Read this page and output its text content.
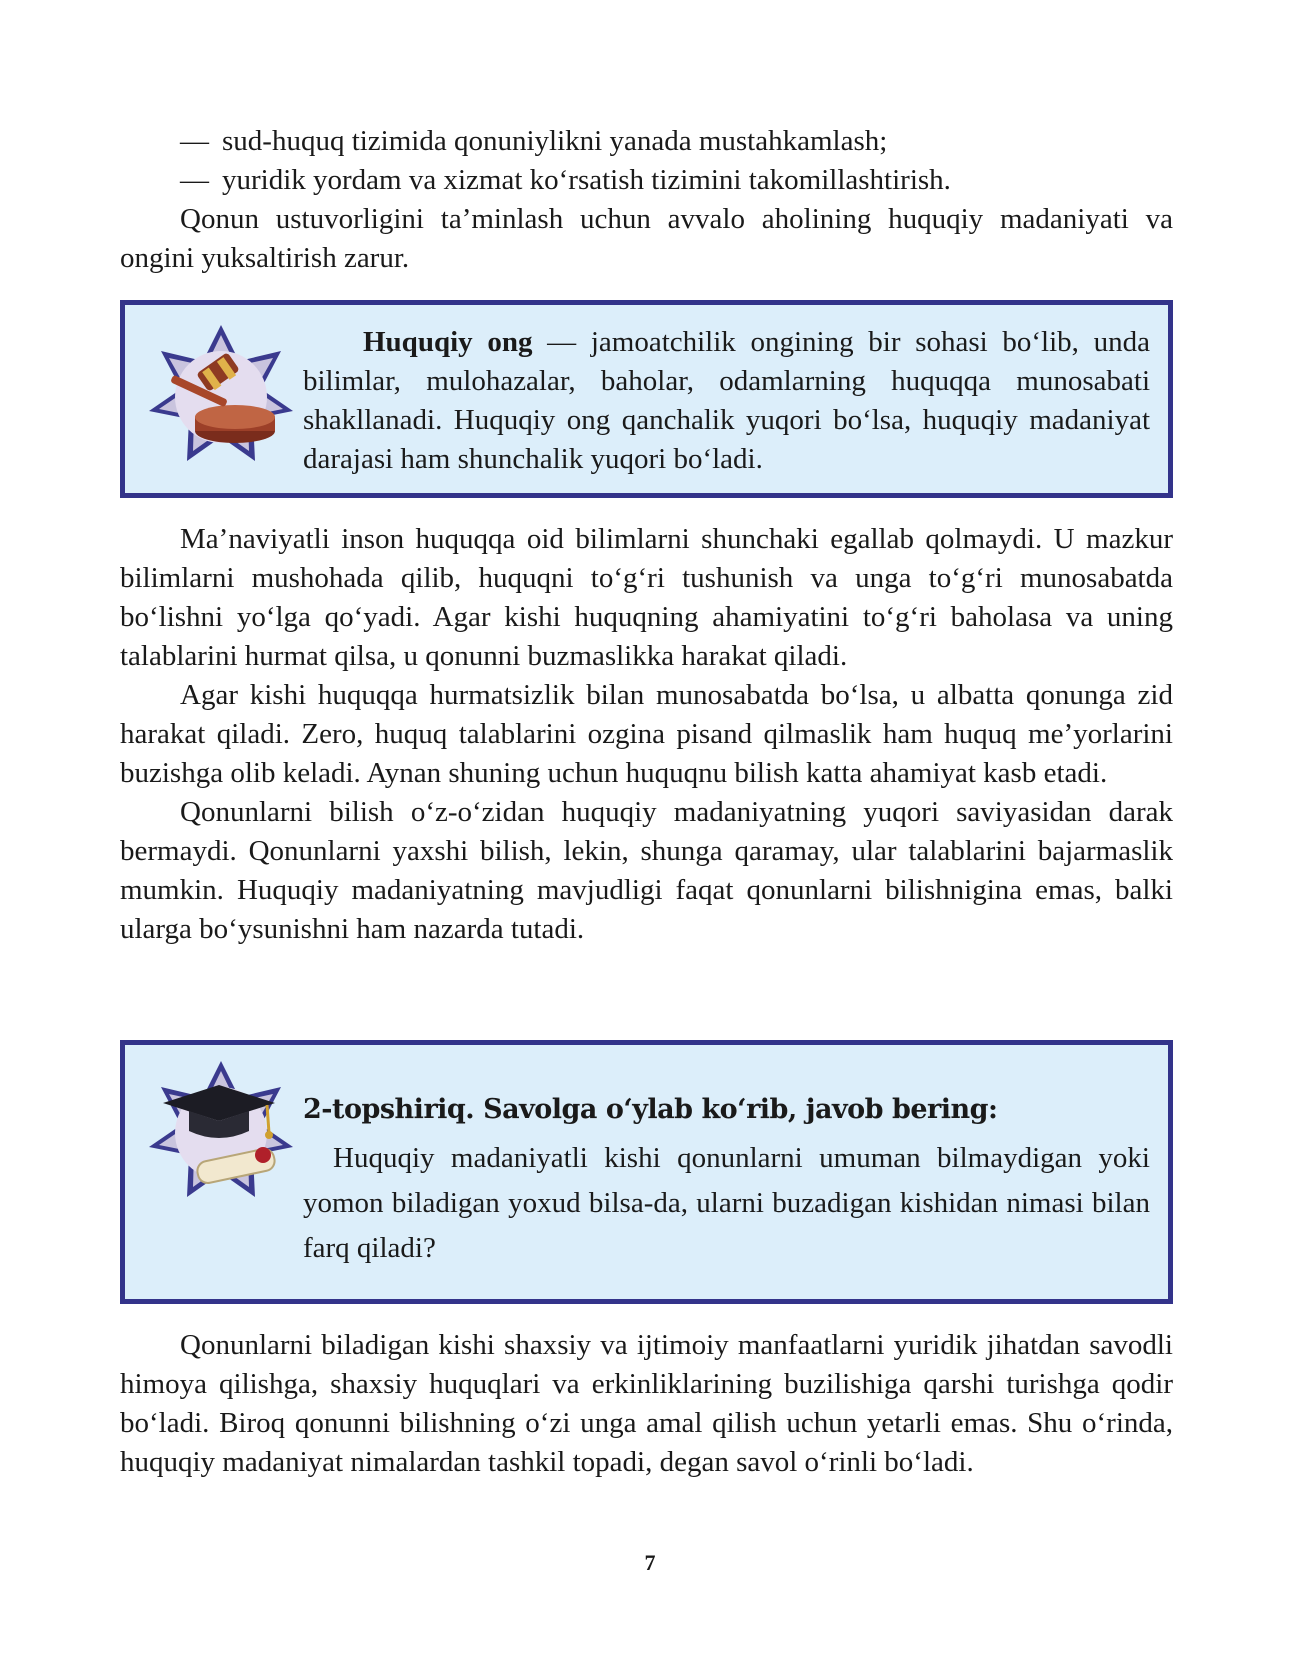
— sud-huquq tizimida qonuniylikni yanada mustahkamlash;

— yuridik yordam va xizmat ko‘rsatish tizimini takomillashtirish.

Qonun ustuvorligini ta’minlash uchun avvalo aholining huquqiy madaniyati va ongini yuksaltirish zarur.

Huquqiy ong — jamoatchilik ongining bir sohasi bo‘lib, unda bilimlar, mulohazalar, baholar, odamlarning huquqqa munosabati shakllanadi. Huquqiy ong qanchalik yuqori bo‘lsa, huquqiy madaniyat darajasi ham shunchalik yuqori bo‘ladi.

Ma’naviyatli inson huquqqa oid bilimlarni shunchaki egallab qolmaydi. U mazkur bilimlarni mushohada qilib, huquqni to‘g‘ri tushunish va unga to‘g‘ri munosabatda bo‘lishni yo‘lga qo‘yadi. Agar kishi huquqning ahamiyatini to‘g‘ri baholasa va uning talablarini hurmat qilsa, u qonunni buzmaslikka harakat qiladi.

Agar kishi huquqqa hurmatsizlik bilan munosabatda bo‘lsa, u albatta qonunga zid harakat qiladi. Zero, huquq talablarini ozgina pisand qilmaslik ham huquq me’yorlarini buzishga olib keladi. Aynan shuning uchun huquqnu bilish katta ahamiyat kasb etadi.

Qonunlarni bilish o‘z-o‘zidan huquqiy madaniyatning yuqori saviyasidan darak bermaydi. Qonunlarni yaxshi bilish, lekin, shunga qaramay, ular talablarini bajarmaslik mumkin. Huquqiy madaniyatning mavjudligi faqat qonunlarni bilishnigina emas, balki ularga bo‘ysunishni ham nazarda tutadi.

2-topshiriq. Savolga o‘ylab ko‘rib, javob bering:

Huquqiy madaniyatli kishi qonunlarni umuman bilmaydigan yoki yomon biladigan yoxud bilsa-da, ularni buzadigan kishidan nimasi bilan farq qiladi?

Qonunlarni biladigan kishi shaxsiy va ijtimoiy manfaatlarni yuridik jihatdan savodli himoya qilishga, shaxsiy huquqlari va erkinliklarining buzilishiga qarshi turishga qodir bo‘ladi. Biroq qonunni bilishning o‘zi unga amal qilish uchun yetarli emas. Shu o‘rinda, huquqiy madaniyat nimalardan tashkil topadi, degan savol o‘rinli bo‘ladi.

7
